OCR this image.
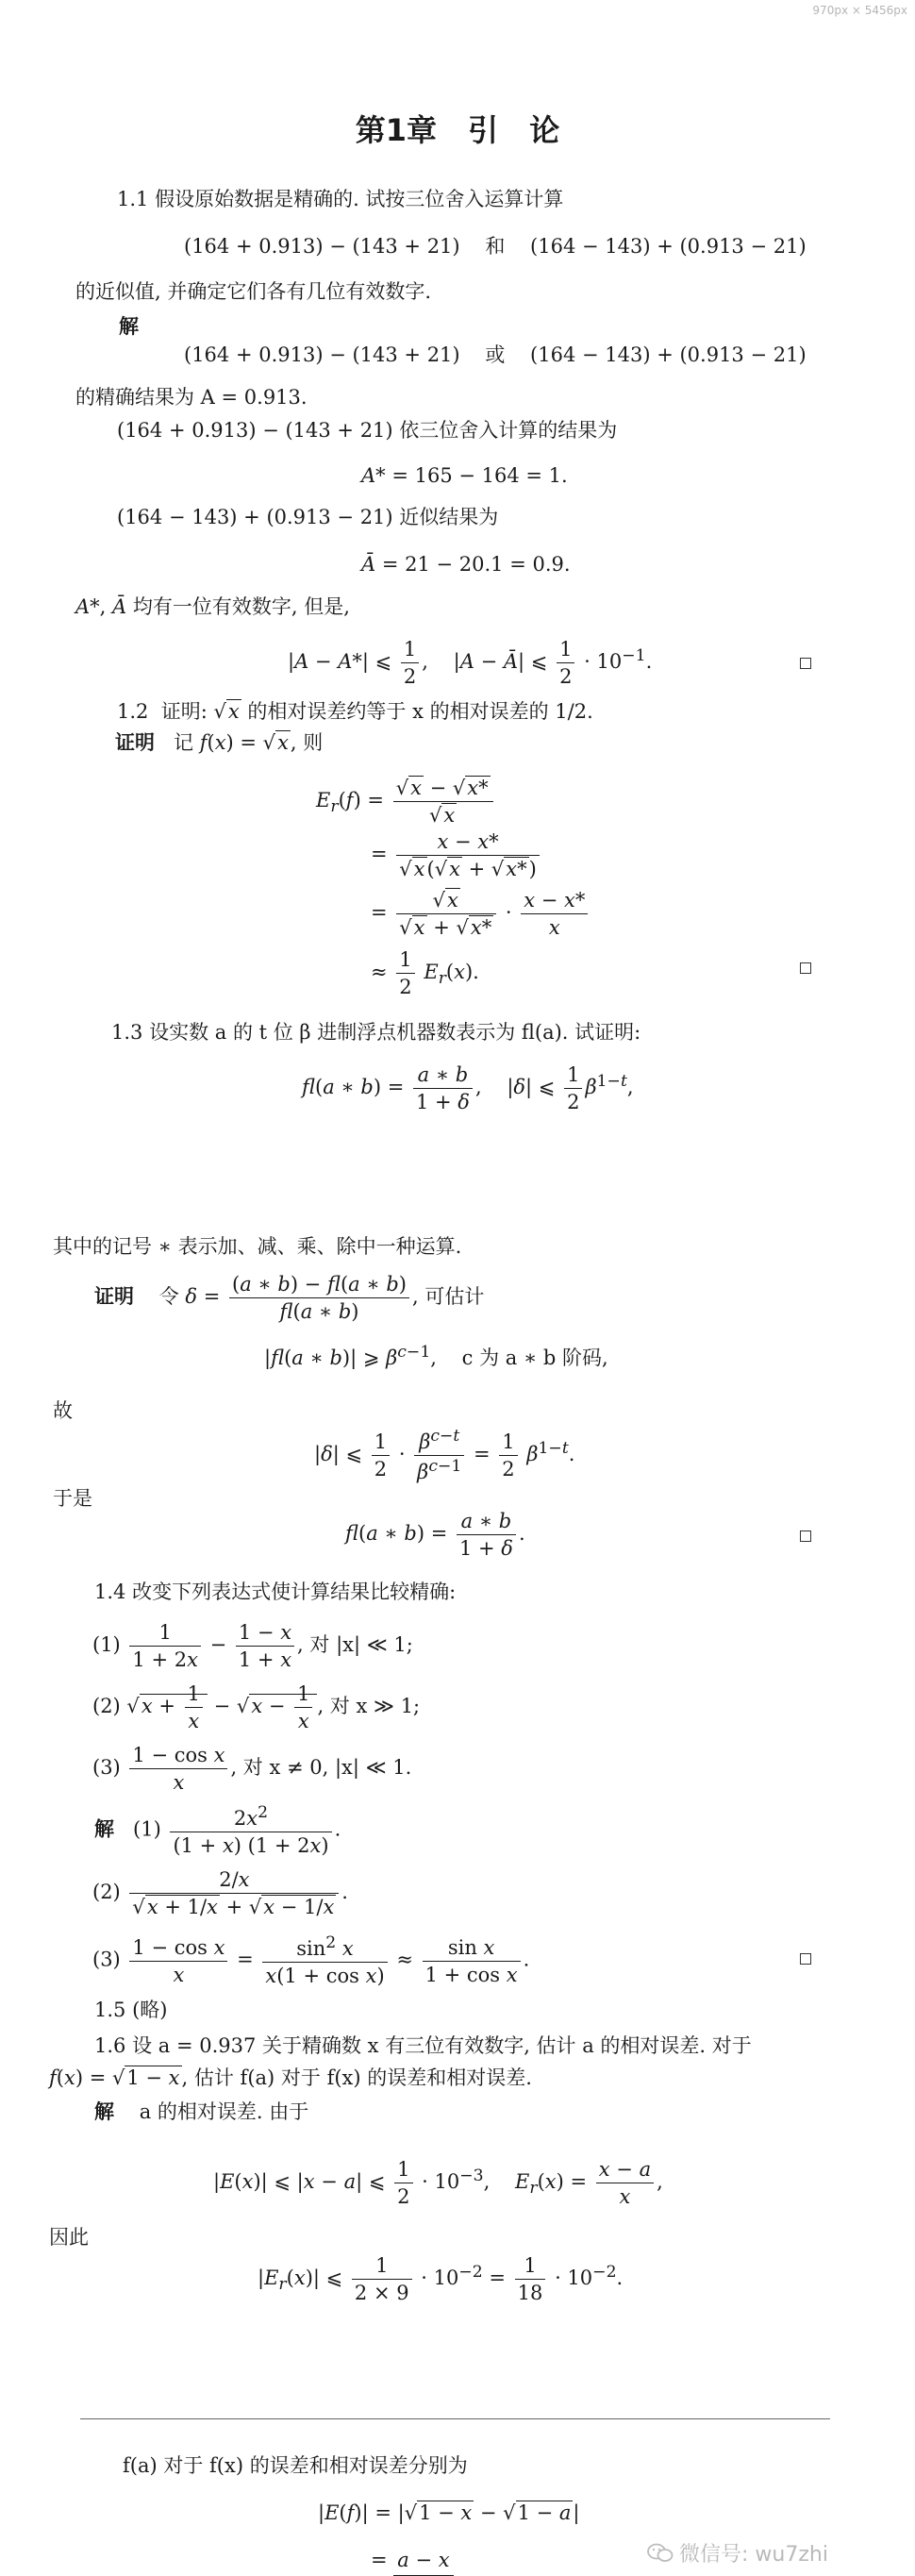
970px × 5456px
第1章 引 论
1.1 假设原始数据是精确的. 试按三位舍入运算计算
(164 + 0.913) − (143 + 21)    和    (164 − 143) + (0.913 − 21)
的近似值, 并确定它们各有几位有效数字.
解
(164 + 0.913) − (143 + 21)    或    (164 − 143) + (0.913 − 21)
的精确结果为 A = 0.913.
(164 + 0.913) − (143 + 21) 依三位舍入计算的结果为
A* = 165 − 164 = 1.
(164 − 143) + (0.913 − 21) 近似结果为
Ā = 21 − 20.1 = 0.9.
A*, Ā 均有一位有效数字, 但是,
|A − A*| ⩽ $\frac{1}{2}$ ,    |A − Ā| ⩽ $\frac{1}{2} \cdot 10^{-1}$.
1.2  证明: √x 的相对误差约等于 x 的相对误差的 1/2.
证明 记 f(x) = √x, 则
$E_r(f) = \frac{√x - √x*}{√x}$
= $\frac{x - x*}{√x(√x + √x*)}$
= $\frac{√x}{√x + √x*} \cdot \frac{x - x*}{x}$
≈ $\frac{1}{2} E_r(x)$.
1.3 设实数 a 的 t 位 β 进制浮点机器数表示为 fl(a). 试证明:
fl(a ∗ $b) = \frac{a ∗ b}{1 + \delta}$ ,    |δ| ⩽ $\frac{1}{2} \beta^{1-t}$,
其中的记号 ∗ 表示加、减、乘、除中一种运算.
证明 令 $\delta = \frac{(a ∗ b) - fl(a ∗ b)}{fl(a ∗ b)}$ , 可估计
|fl(a ∗ b)| ⩾ $\beta^{c-1}$,    c 为 a ∗ b 阶码,
故
|δ| ⩽ $\frac{1}{2} \cdot \frac{\beta^{c-t}}{\beta^{c-1}} = \frac{1}{2} \beta^{1-t}$.
于是
fl(a ∗ $b) = \frac{a ∗ b}{1 + \delta}$ .
1.4 改变下列表达式使计算结果比较精确:
$(1) \frac{1}{1 + 2x} - \frac{1 - x}{1 + x}$ , 对 |x| ≪ 1;
(2) $√x + \frac{1}{x} - √x - \frac{1}{x}$ , 对 x ≫ 1;
$(3) \frac{\text{1 − cos x}}{x}$ , 对 x ≠ 0, |x| ≪ 1.
解   $(1) \frac{2x^2}{(1 + x) (1 + 2x)}$ .
$(2) \frac{2/x}{√x + 1/x + √x - 1/x}$ .
$(3) \frac{\text{1 − cos x}}{x} = \frac{\sin^2 x}{\text{x(1 + cos x)}} \approx \frac{\text{sin x}}{\text{1 + cos x}}$ .
1.5 (略)
1.6 设 a = 0.937 关于精确数 x 有三位有效数字, 估计 a 的相对误差. 对于
f(x) = √1 − x, 估计 f(a) 对于 f(x) 的误差和相对误差.
解 a 的相对误差. 由于
|E(x)| ⩽ |x − a| ⩽ $\frac{1}{2} \cdot 10^{-3}$,    $E_r(x) = \frac{x - a}{x}$ ,
因此
$|E_r(x)|$ ⩽ $\frac{1}{2 \times 9} \cdot 10^{-2} = \frac{1}{18} \cdot 10^{-2}$.
f(a) 对于 f(x) 的误差和相对误差分别为
|E(f)| = |√1 − x − √1 − a|
= a − x	微信号: wu7zhi
